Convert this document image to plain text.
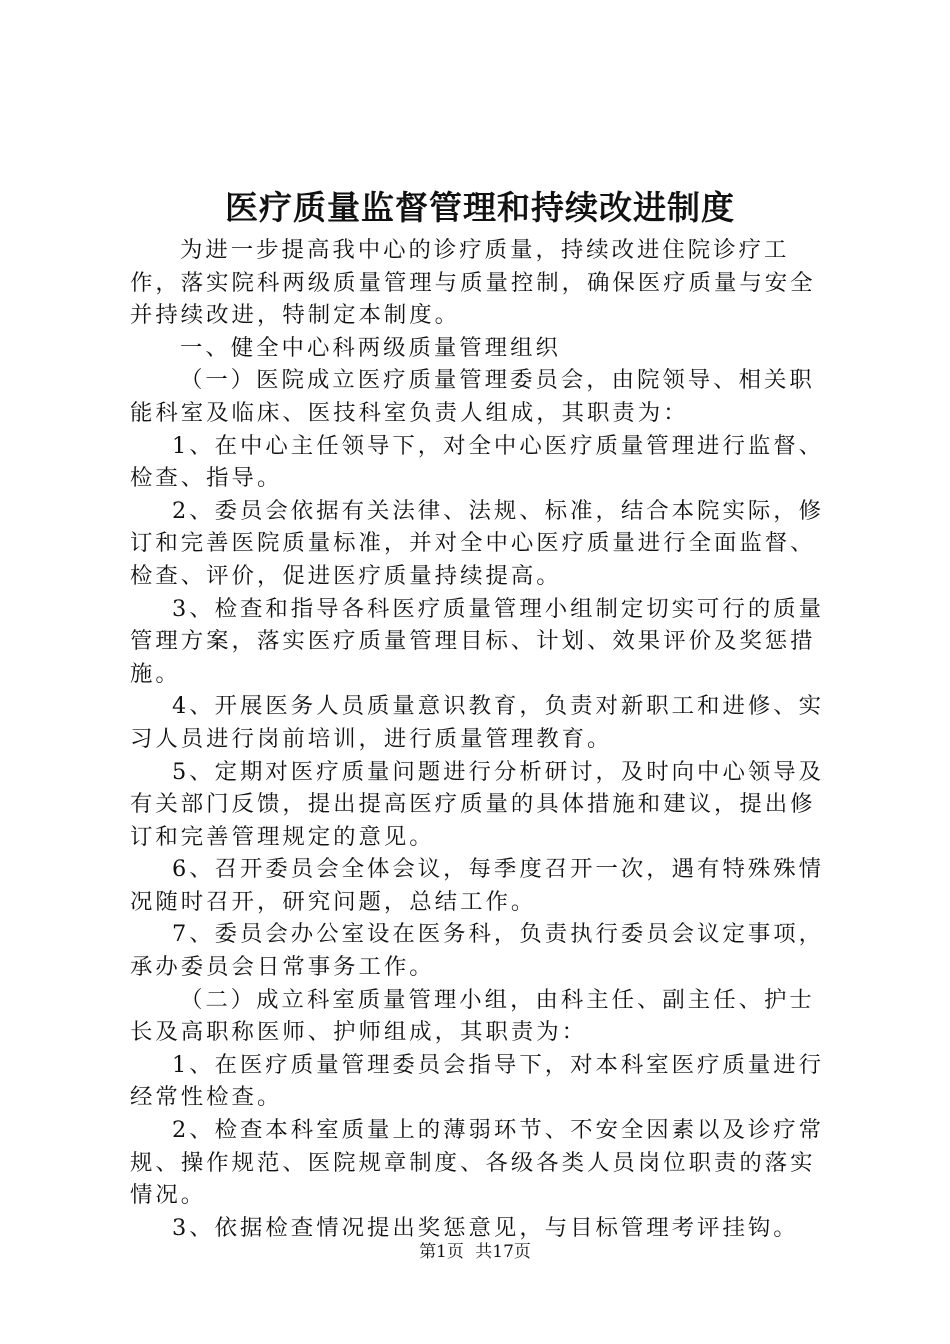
医疗质量监督管理和持续改进制度

为进一步提高我中心的诊疗质量，持续改进住院诊疗工作，落实院科两级质量管理与质量控制，确保医疗质量与安全并持续改进，特制定本制度。

一、健全中心科两级质量管理组织

（一）医院成立医疗质量管理委员会，由院领导、相关职能科室及临床、医技科室负责人组成，其职责为：

1、在中心主任领导下，对全中心医疗质量管理进行监督、检查、指导。

2、委员会依据有关法律、法规、标准，结合本院实际，修订和完善医院质量标准，并对全中心医疗质量进行全面监督、检查、评价，促进医疗质量持续提高。

3、检查和指导各科医疗质量管理小组制定切实可行的质量管理方案，落实医疗质量管理目标、计划、效果评价及奖惩措施。

4、开展医务人员质量意识教育，负责对新职工和进修、实习人员进行岗前培训，进行质量管理教育。

5、定期对医疗质量问题进行分析研讨，及时向中心领导及有关部门反馈，提出提高医疗质量的具体措施和建议，提出修订和完善管理规定的意见。

6、召开委员会全体会议，每季度召开一次，遇有特殊殊情况随时召开，研究问题，总结工作。

7、委员会办公室设在医务科，负责执行委员会议定事项，承办委员会日常事务工作。

（二）成立科室质量管理小组，由科主任、副主任、护士长及高职称医师、护师组成，其职责为：

1、在医疗质量管理委员会指导下，对本科室医疗质量进行经常性检查。

2、检查本科室质量上的薄弱环节、不安全因素以及诊疗常规、操作规范、医院规章制度、各级各类人员岗位职责的落实情况。

3、依据检查情况提出奖惩意见，与目标管理考评挂钩。

第1页 共17页
